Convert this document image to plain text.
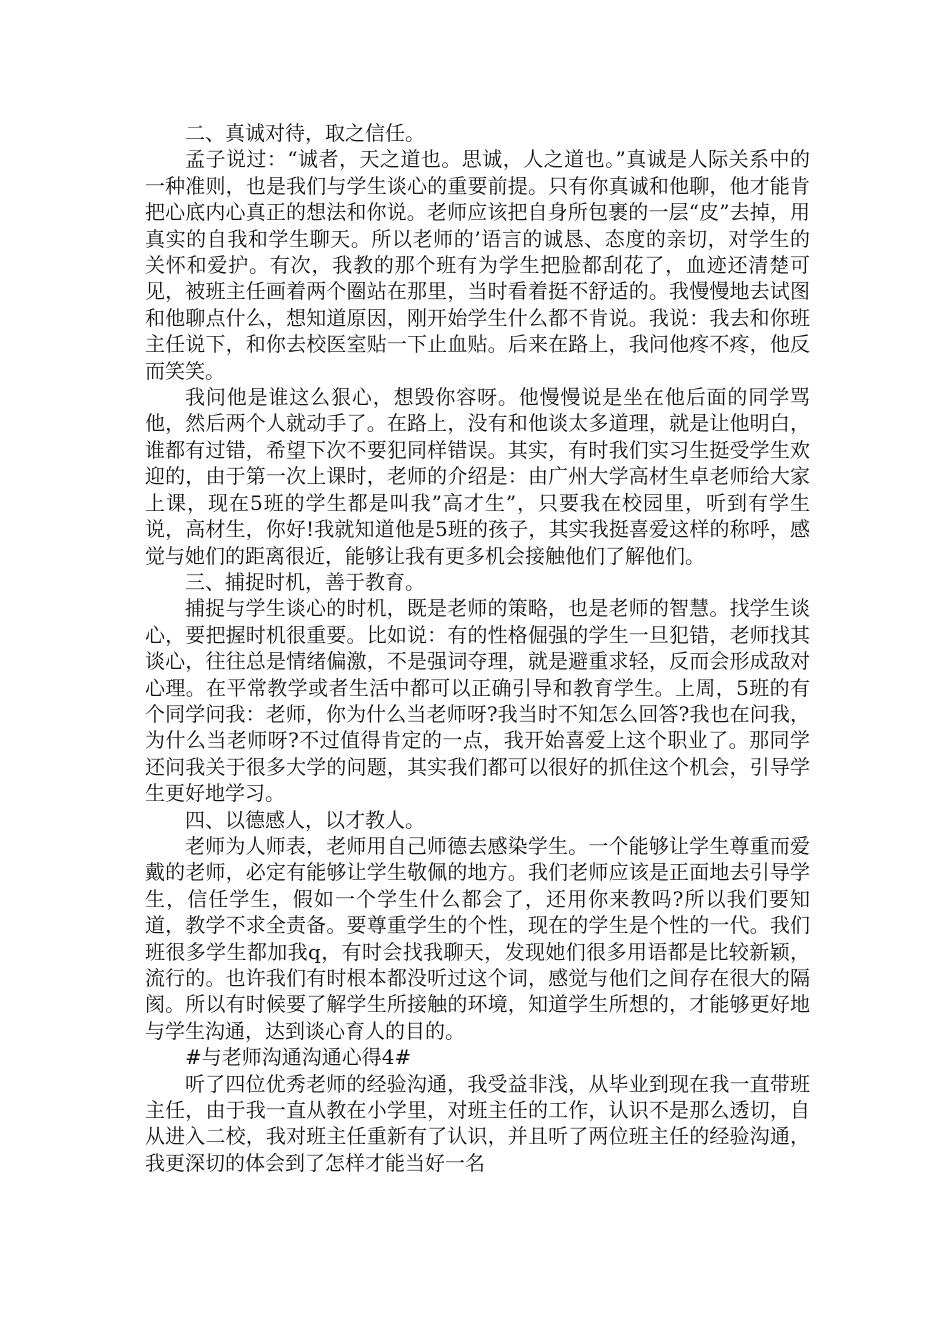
二、真诚对待，取之信任。

孟子说过：“诚者，天之道也。思诚，人之道也。”真诚是人际关系中的一种准则，也是我们与学生谈心的重要前提。只有你真诚和他聊，他才能肯把心底内心真正的想法和你说。老师应该把自身所包裹的一层“皮”去掉，用真实的自我和学生聊天。所以老师的’语言的诚恳、态度的亲切，对学生的关怀和爱护。有次，我教的那个班有为学生把脸都刮花了，血迹还清楚可见，被班主任画着两个圈站在那里，当时看着挺不舒适的。我慢慢地去试图和他聊点什么，想知道原因，刚开始学生什么都不肯说。我说：我去和你班主任说下，和你去校医室贴一下止血贴。后来在路上，我问他疼不疼，他反而笑笑。

我问他是谁这么狠心，想毁你容呀。他慢慢说是坐在他后面的同学骂他，然后两个人就动手了。在路上，没有和他谈太多道理，就是让他明白，谁都有过错，希望下次不要犯同样错误。其实，有时我们实习生挺受学生欢迎的，由于第一次上课时，老师的介绍是：由广州大学高材生卓老师给大家上课，现在5班的学生都是叫我”高才生”，只要我在校园里，听到有学生说，高材生，你好!我就知道他是5班的孩子，其实我挺喜爱这样的称呼，感觉与她们的距离很近，能够让我有更多机会接触他们了解他们。

三、捕捉时机，善于教育。

捕捉与学生谈心的时机，既是老师的策略，也是老师的智慧。找学生谈心，要把握时机很重要。比如说：有的性格倔强的学生一旦犯错，老师找其谈心，往往总是情绪偏激，不是强词夺理，就是避重求轻，反而会形成敌对心理。在平常教学或者生活中都可以正确引导和教育学生。上周，5班的有个同学问我：老师，你为什么当老师呀?我当时不知怎么回答?我也在问我，为什么当老师呀?不过值得肯定的一点，我开始喜爱上这个职业了。那同学还问我关于很多大学的问题，其实我们都可以很好的抓住这个机会，引导学生更好地学习。

四、以德感人，以才教人。

老师为人师表，老师用自己师德去感染学生。一个能够让学生尊重而爱戴的老师，必定有能够让学生敬佩的地方。我们老师应该是正面地去引导学生，信任学生，假如一个学生什么都会了，还用你来教吗?所以我们要知道，教学不求全责备。要尊重学生的个性，现在的学生是个性的一代。我们班很多学生都加我q，有时会找我聊天，发现她们很多用语都是比较新颖，流行的。也许我们有时根本都没听过这个词，感觉与他们之间存在很大的隔阂。所以有时候要了解学生所接触的环境，知道学生所想的，才能够更好地与学生沟通，达到谈心育人的目的。

#与老师沟通沟通心得4#

听了四位优秀老师的经验沟通，我受益非浅，从毕业到现在我一直带班主任，由于我一直从教在小学里，对班主任的工作，认识不是那么透切，自从进入二校，我对班主任重新有了认识，并且听了两位班主任的经验沟通，我更深切的体会到了怎样才能当好一名
